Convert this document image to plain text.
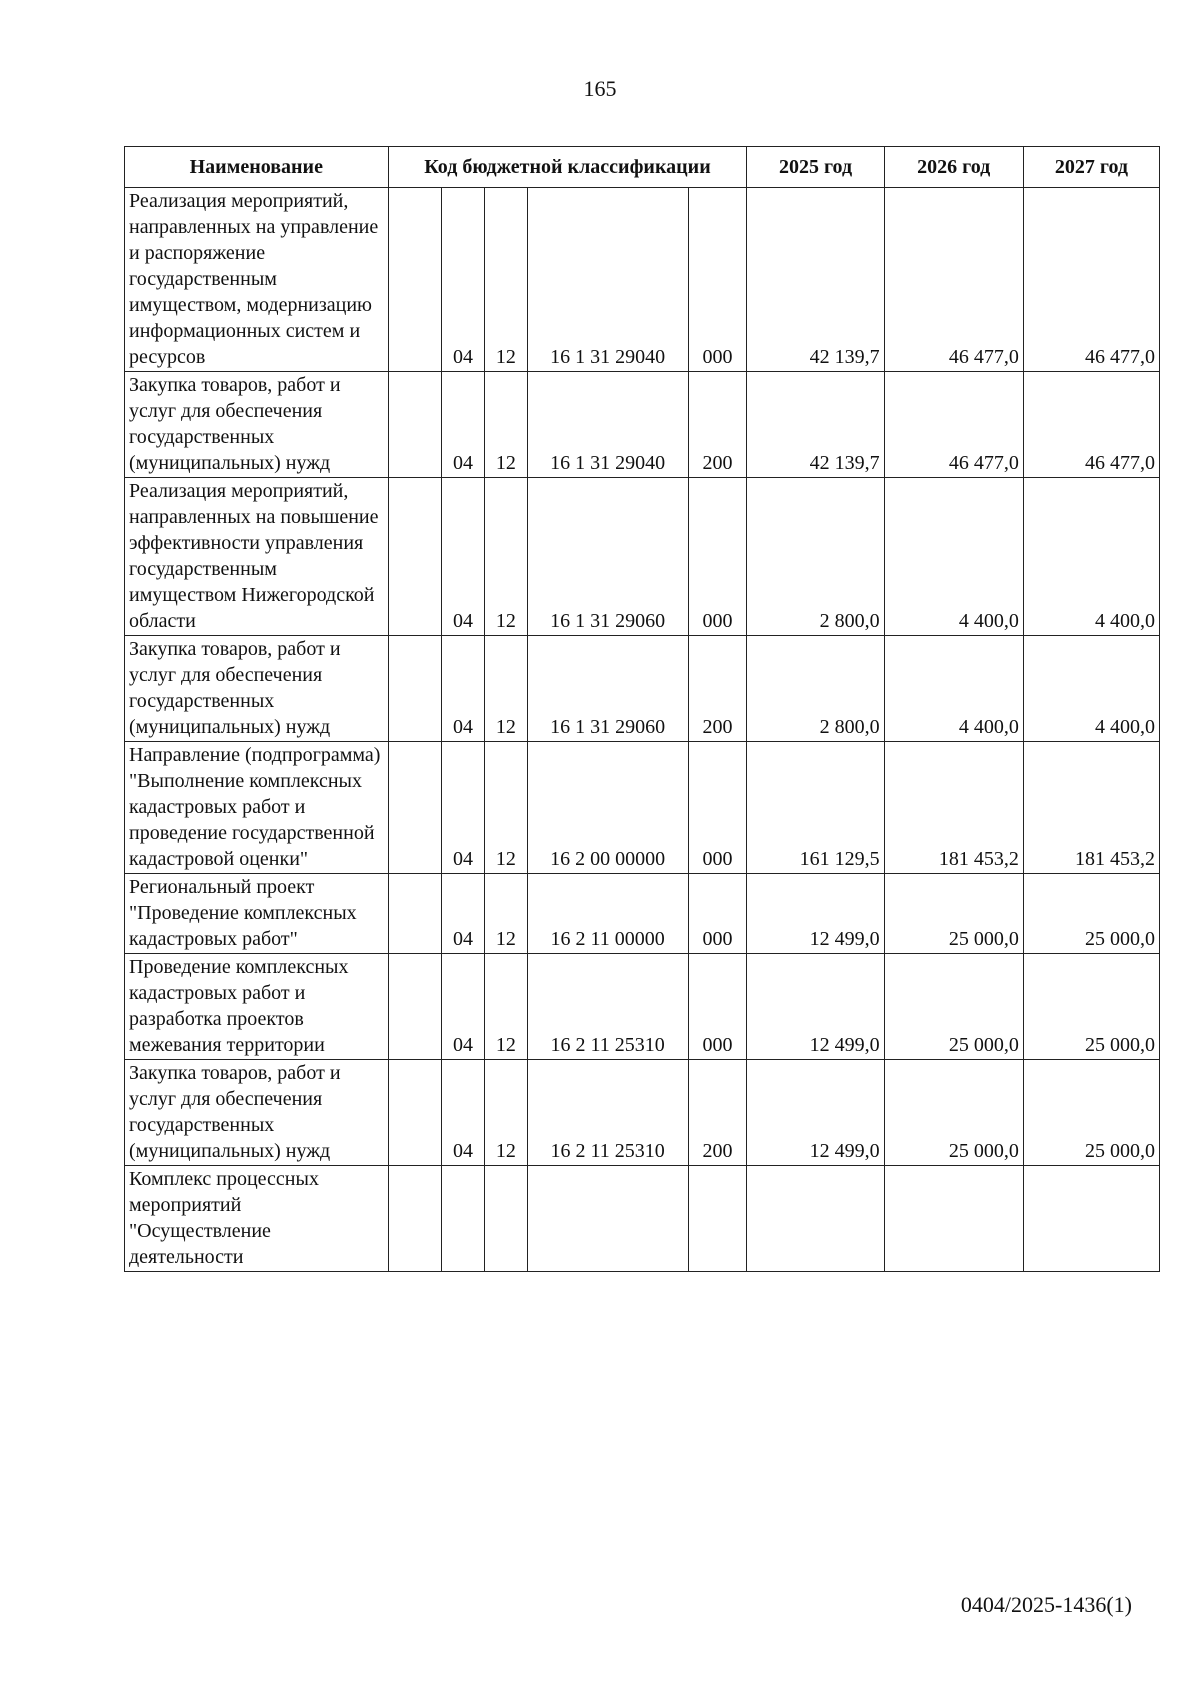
165
Наименование	Код бюджетной классификации					2025 год	2026 год	2027 год
Реализация мероприятий, направленных на управление и распоряжение государственным имуществом, модернизацию информационных систем и ресурсов		04	12	16 1 31 29040	000	42 139,7	46 477,0	46 477,0
Закупка товаров, работ и услуг для обеспечения государственных (муниципальных) нужд		04	12	16 1 31 29040	200	42 139,7	46 477,0	46 477,0
Реализация мероприятий, направленных на повышение эффективности управления государственным имуществом Нижегородской области		04	12	16 1 31 29060	000	2 800,0	4 400,0	4 400,0
Закупка товаров, работ и услуг для обеспечения государственных (муниципальных) нужд		04	12	16 1 31 29060	200	2 800,0	4 400,0	4 400,0
Направление (подпрограмма) "Выполнение комплексных кадастровых работ и проведение государственной кадастровой оценки"		04	12	16 2 00 00000	000	161 129,5	181 453,2	181 453,2
Региональный проект "Проведение комплексных кадастровых работ"		04	12	16 2 11 00000	000	12 499,0	25 000,0	25 000,0
Проведение комплексных кадастровых работ и разработка проектов межевания территории		04	12	16 2 11 25310	000	12 499,0	25 000,0	25 000,0
Закупка товаров, работ и услуг для обеспечения государственных (муниципальных) нужд		04	12	16 2 11 25310	200	12 499,0	25 000,0	25 000,0
Комплекс процессных мероприятий "Осуществление деятельности								
0404/2025-1436(1)
